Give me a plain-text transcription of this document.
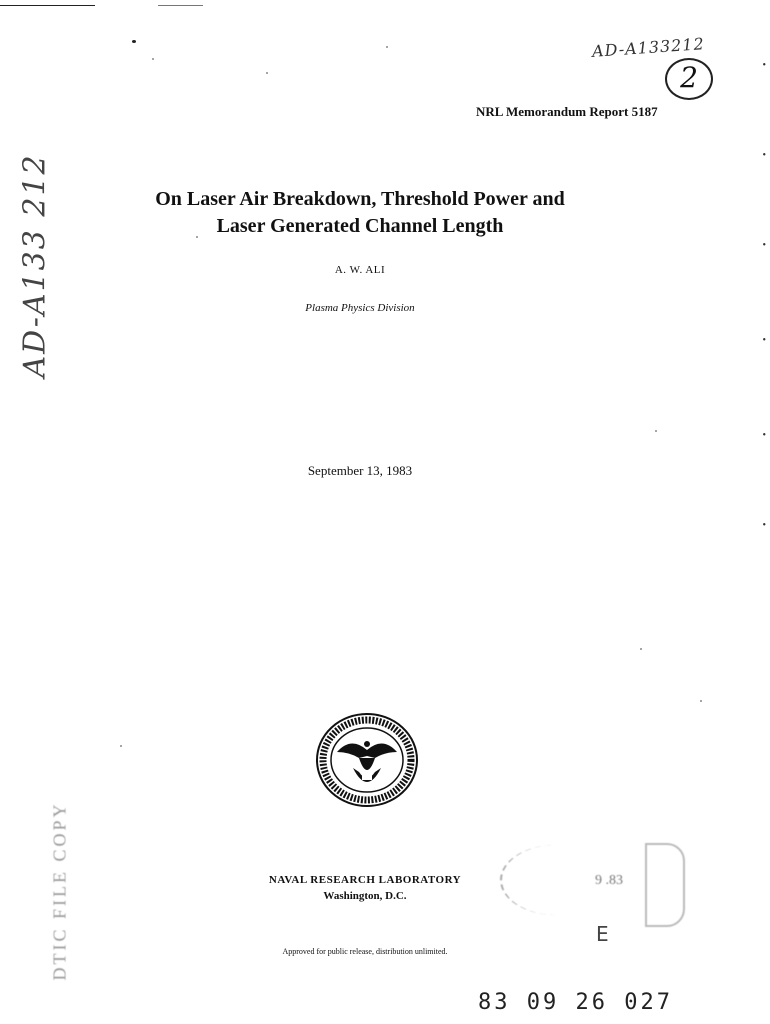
AD-A133212
2
NRL Memorandum Report 5187
AD-A133 212
DTIC FILE COPY
On Laser Air Breakdown, Threshold Power and
Laser Generated Channel Length
A. W. ALI
Plasma Physics Division
September 13, 1983
NAVAL RESEARCH LABORATORY
Washington, D.C.
Approved for public release, distribution unlimited.
9 .83
E
83 09 26 027
•
•
•
•
•
•
